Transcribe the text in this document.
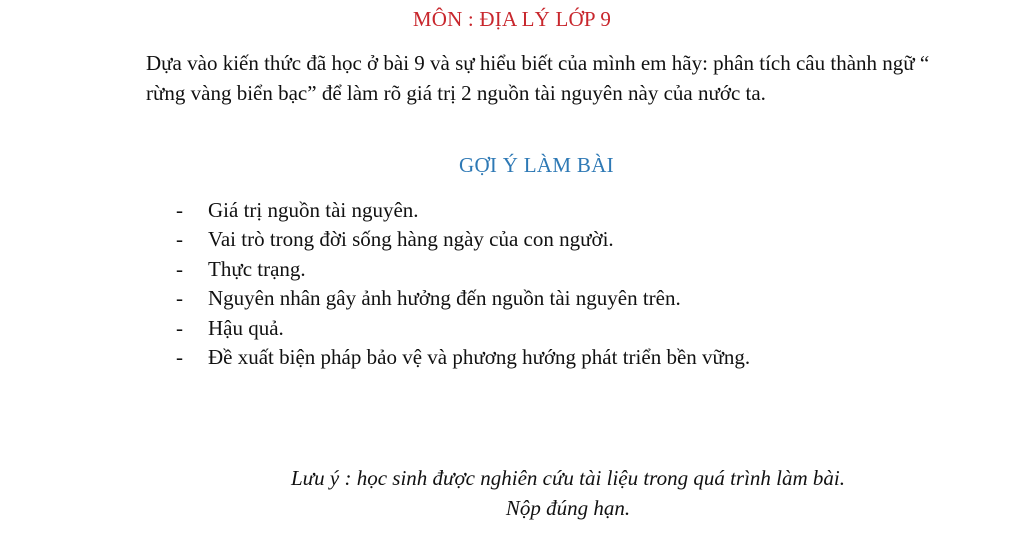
MÔN : ĐỊA LÝ LỚP 9

Dựa vào kiến thức đã học ở bài 9 và sự hiểu biết của mình em hãy: phân tích câu thành ngữ “ rừng vàng biển bạc” để làm rõ giá trị 2 nguồn tài nguyên này của nước ta.

GỢI Ý LÀM BÀI
- Giá trị nguồn tài nguyên.
- Vai trò trong đời sống hàng ngày của con người.
- Thực trạng.
- Nguyên nhân gây ảnh hưởng đến nguồn tài nguyên trên.
- Hậu quả.
- Đề xuất biện pháp bảo vệ và phương hướng phát triển bền vững.
Lưu ý : học sinh được nghiên cứu tài liệu trong quá trình làm bài.
Nộp đúng hạn.
